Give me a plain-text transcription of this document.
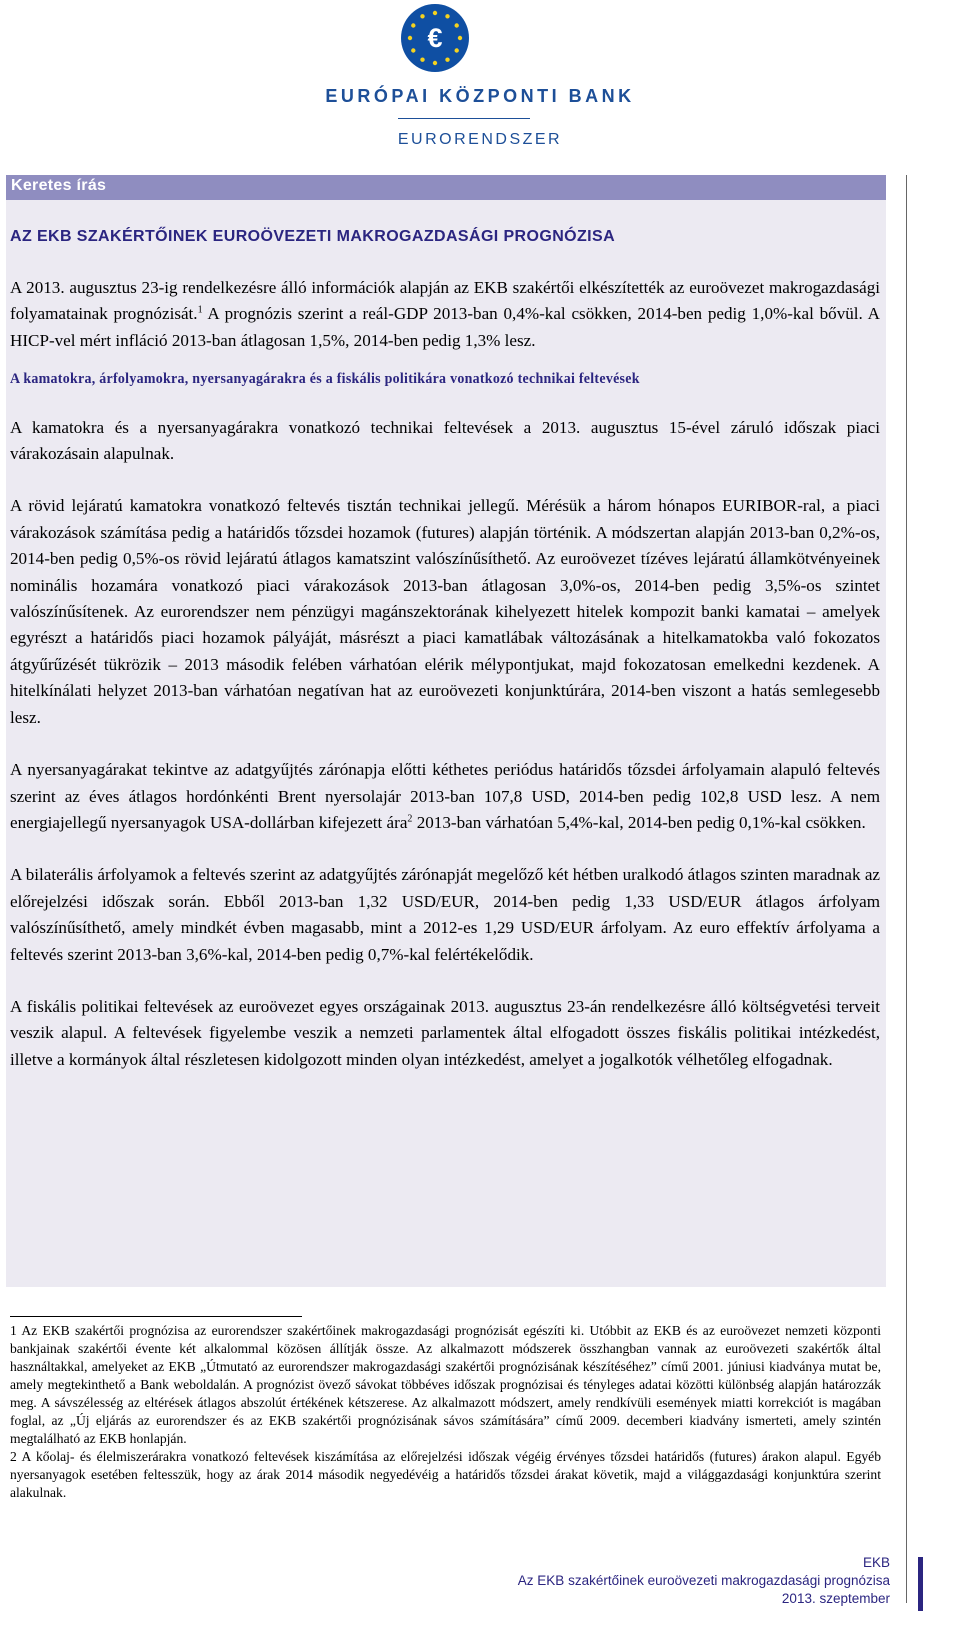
€
EURÓPAI KÖZPONTI BANK
EURORENDSZER
Keretes írás
AZ EKB SZAKÉRTŐINEK EUROÖVEZETI MAKROGAZDASÁGI PROGNÓZISA

A 2013. augusztus 23-ig rendelkezésre álló információk alapján az EKB szakértői elkészítették az euroövezet makrogazdasági folyamatainak prognózisát.$^1$ A prognózis szerint a reál-GDP 2013-ban 0,4%-kal csökken, 2014-ben pedig 1,0%-kal bővül. A HICP-vel mért infláció 2013-ban átlagosan 1,5%, 2014-ben pedig 1,3% lesz.

A kamatokra, árfolyamokra, nyersanyagárakra és a fiskális politikára vonatkozó technikai feltevések

A kamatokra és a nyersanyagárakra vonatkozó technikai feltevések a 2013. augusztus 15-ével záruló időszak piaci várakozásain alapulnak.

A rövid lejáratú kamatokra vonatkozó feltevés tisztán technikai jellegű. Mérésük a három hónapos EURIBOR-ral, a piaci várakozások számítása pedig a határidős tőzsdei hozamok (futures) alapján történik. A módszertan alapján 2013-ban 0,2%-os, 2014-ben pedig 0,5%-os rövid lejáratú átlagos kamatszint valószínűsíthető. Az euroövezet tízéves lejáratú államkötvényeinek nominális hozamára vonatkozó piaci várakozások 2013-ban átlagosan 3,0%-os, 2014-ben pedig 3,5%-os szintet valószínűsítenek. Az eurorendszer nem pénzügyi magánszektorának kihelyezett hitelek kompozit banki kamatai – amelyek egyrészt a határidős piaci hozamok pályáját, másrészt a piaci kamatlábak változásának a hitelkamatokba való fokozatos átgyűrűzését tükrözik – 2013 második felében várhatóan elérik mélypontjukat, majd fokozatosan emelkedni kezdenek. A hitelkínálati helyzet 2013-ban várhatóan negatívan hat az euroövezeti konjunktúrára, 2014-ben viszont a hatás semlegesebb lesz.

A nyersanyagárakat tekintve az adatgyűjtés zárónapja előtti kéthetes periódus határidős tőzsdei árfolyamain alapuló feltevés szerint az éves átlagos hordónkénti Brent nyersolajár 2013-ban 107,8 USD, 2014-ben pedig 102,8 USD lesz. A nem energiajellegű nyersanyagok USA-dollárban kifejezett ára$^2$ 2013-ban várhatóan 5,4%-kal, 2014-ben pedig 0,1%-kal csökken.

A bilaterális árfolyamok a feltevés szerint az adatgyűjtés zárónapját megelőző két hétben uralkodó átlagos szinten maradnak az előrejelzési időszak során. Ebből 2013-ban 1,32 USD/EUR, 2014-ben pedig 1,33 USD/EUR átlagos árfolyam valószínűsíthető, amely mindkét évben magasabb, mint a 2012-es 1,29 USD/EUR árfolyam. Az euro effektív árfolyama a feltevés szerint 2013-ban 3,6%-kal, 2014-ben pedig 0,7%-kal felértékelődik.

A fiskális politikai feltevések az euroövezet egyes országainak 2013. augusztus 23-án rendelkezésre álló költségvetési terveit veszik alapul. A feltevések figyelembe veszik a nemzeti parlamentek által elfogadott összes fiskális politikai intézkedést, illetve a kormányok által részletesen kidolgozott minden olyan intézkedést, amelyet a jogalkotók vélhetőleg elfogadnak.

1 Az EKB szakértői prognózisa az eurorendszer szakértőinek makrogazdasági prognózisát egészíti ki. Utóbbit az EKB és az euroövezet nemzeti központi bankjainak szakértői évente két alkalommal közösen állítják össze. Az alkalmazott módszerek összhangban vannak az euroövezeti szakértők által használtakkal, amelyeket az EKB „Útmutató az eurorendszer makrogazdasági szakértői prognózisának készítéséhez” című 2001. júniusi kiadványa mutat be, amely megtekinthető a Bank weboldalán. A prognózist övező sávokat többéves időszak prognózisai és tényleges adatai közötti különbség alapján határozzák meg. A sávszélesség az eltérések átlagos abszolút értékének kétszerese. Az alkalmazott módszert, amely rendkívüli események miatti korrekciót is magában foglal, az „Új eljárás az eurorendszer és az EKB szakértői prognózisának sávos számítására” című 2009. decemberi kiadvány ismerteti, amely szintén megtalálható az EKB honlapján.

2 A kőolaj- és élelmiszerárakra vonatkozó feltevések kiszámítása az előrejelzési időszak végéig érvényes tőzsdei határidős (futures) árakon alapul. Egyéb nyersanyagok esetében feltesszük, hogy az árak 2014 második negyedévéig a határidős tőzsdei árakat követik, majd a világgazdasági konjunktúra szerint alakulnak.

EKB
Az EKB szakértőinek euroövezeti makrogazdasági prognózisa
2013. szeptember
